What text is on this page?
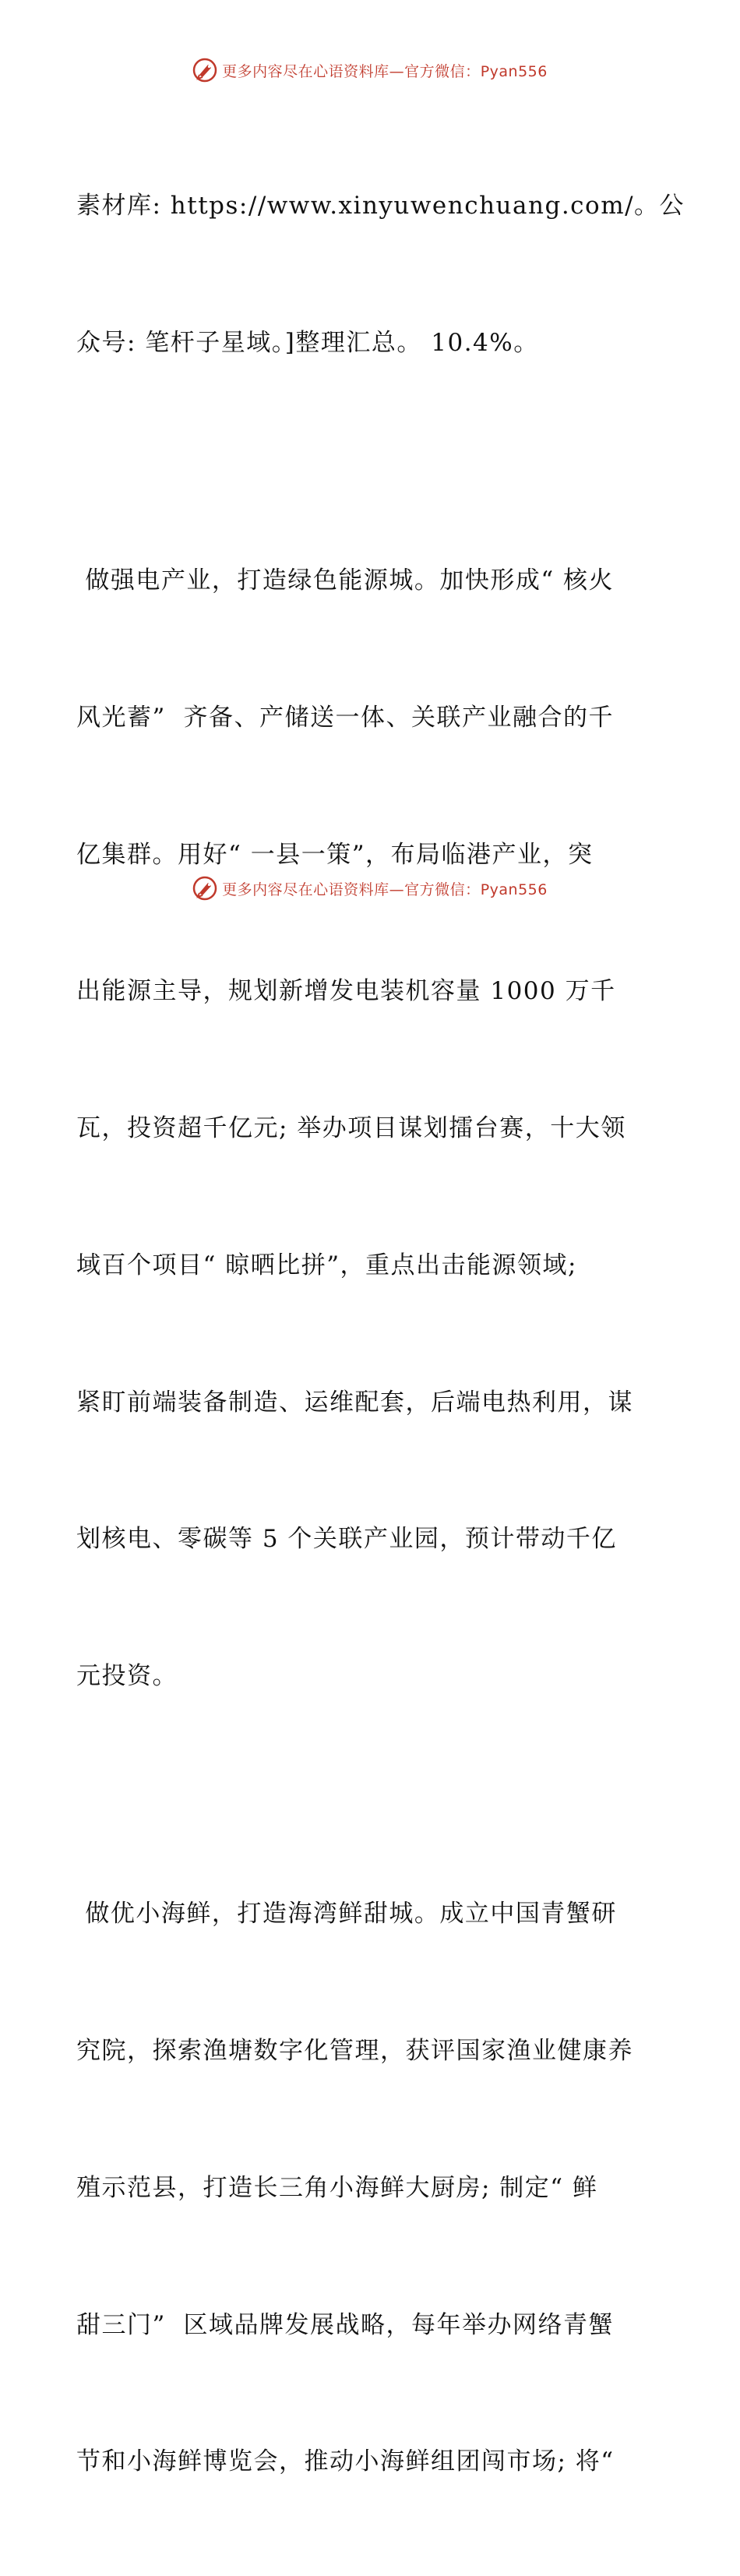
更多内容尽在心语资料库—官方微信：Pyan556

素材库: https://www.xinyuwenchuang.com/。公

众号: 笔杆子星域。]整理汇总。 10.4%。

做强电产业，打造绿色能源城。加快形成“ 核火

风光蓄”  齐备、产储送一体、关联产业融合的千

亿集群。用好“ 一县一策”，布局临港产业，突

出能源主导，规划新增发电装机容量 1000 万千

瓦，投资超千亿元; 举办项目谋划擂台赛，十大领

域百个项目“ 晾晒比拼”，重点出击能源领域;

紧盯前端装备制造、运维配套，后端电热利用，谋

划核电、零碳等 5 个关联产业园，预计带动千亿

元投资。

做优小海鲜，打造海湾鲜甜城。成立中国青蟹研

究院，探索渔塘数字化管理，获评国家渔业健康养

殖示范县，打造长三角小海鲜大厨房; 制定“ 鲜

甜三门”  区域品牌发展战略，每年举办网络青蟹

节和小海鲜博览会，推动小海鲜组团闯市场; 将“

更多内容尽在心语资料库—官方微信：Pyan556
